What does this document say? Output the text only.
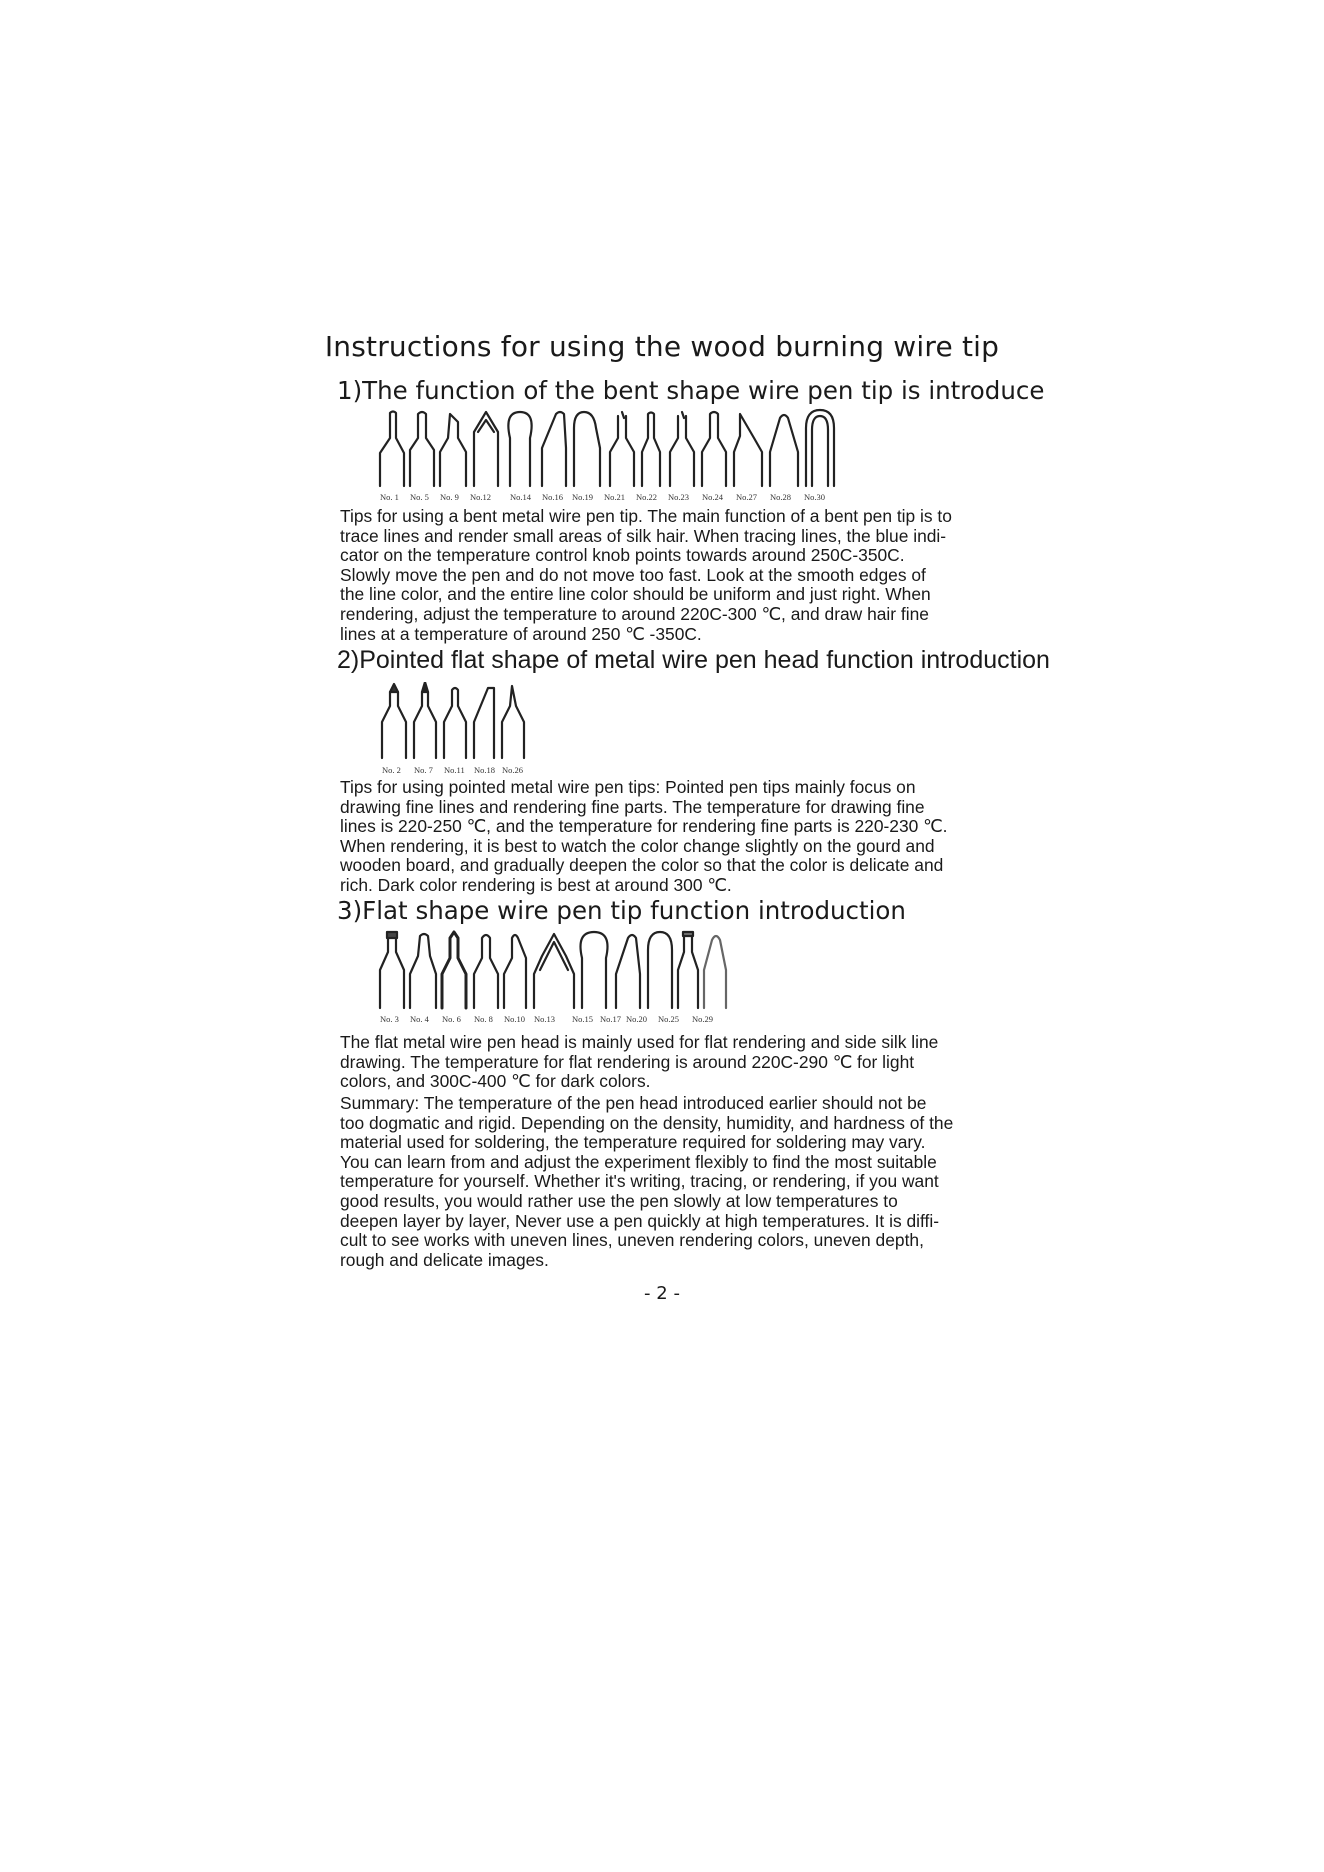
Instructions for using the wood burning wire tip
1)The function of the bent shape wire pen tip is introduce
No. 1 No. 5 No. 9 No.12 No.14 No.16 No.19 No.21 No.22 No.23 No.24 No.27 No.28 No.30
Tips for using a bent metal wire pen tip. The main function of a bent pen tip is to
trace lines and render small areas of silk hair. When tracing lines, the blue indi-
cator on the temperature control knob points towards around 250C-350C.
Slowly move the pen and do not move too fast. Look at the smooth edges of
the line color, and the entire line color should be uniform and just right. When
rendering, adjust the temperature to around 220C-300 ℃, and draw hair fine
lines at a temperature of around 250 ℃ -350C.
2)Pointed flat shape of metal wire pen head function introduction
No. 2 No. 7 No.11 No.18 No.26
Tips for using pointed metal wire pen tips: Pointed pen tips mainly focus on
drawing fine lines and rendering fine parts. The temperature for drawing fine
lines is 220-250 ℃, and the temperature for rendering fine parts is 220-230 ℃.
When rendering, it is best to watch the color change slightly on the gourd and
wooden board, and gradually deepen the color so that the color is delicate and
rich. Dark color rendering is best at around 300 ℃.
3)Flat shape wire pen tip function introduction
No. 3 No. 4 No. 6 No. 8 No.10 No.13 No.15 No.17 No.20 No.25 No.29
The flat metal wire pen head is mainly used for flat rendering and side silk line
drawing. The temperature for flat rendering is around 220C-290 ℃ for light
colors, and 300C-400 ℃ for dark colors.
Summary: The temperature of the pen head introduced earlier should not be
too dogmatic and rigid. Depending on the density, humidity, and hardness of the
material used for soldering, the temperature required for soldering may vary.
You can learn from and adjust the experiment flexibly to find the most suitable
temperature for yourself. Whether it's writing, tracing, or rendering, if you want
good results, you would rather use the pen slowly at low temperatures to
deepen layer by layer, Never use a pen quickly at high temperatures. It is diffi-
cult to see works with uneven lines, uneven rendering colors, uneven depth,
rough and delicate images.
- 2 -
